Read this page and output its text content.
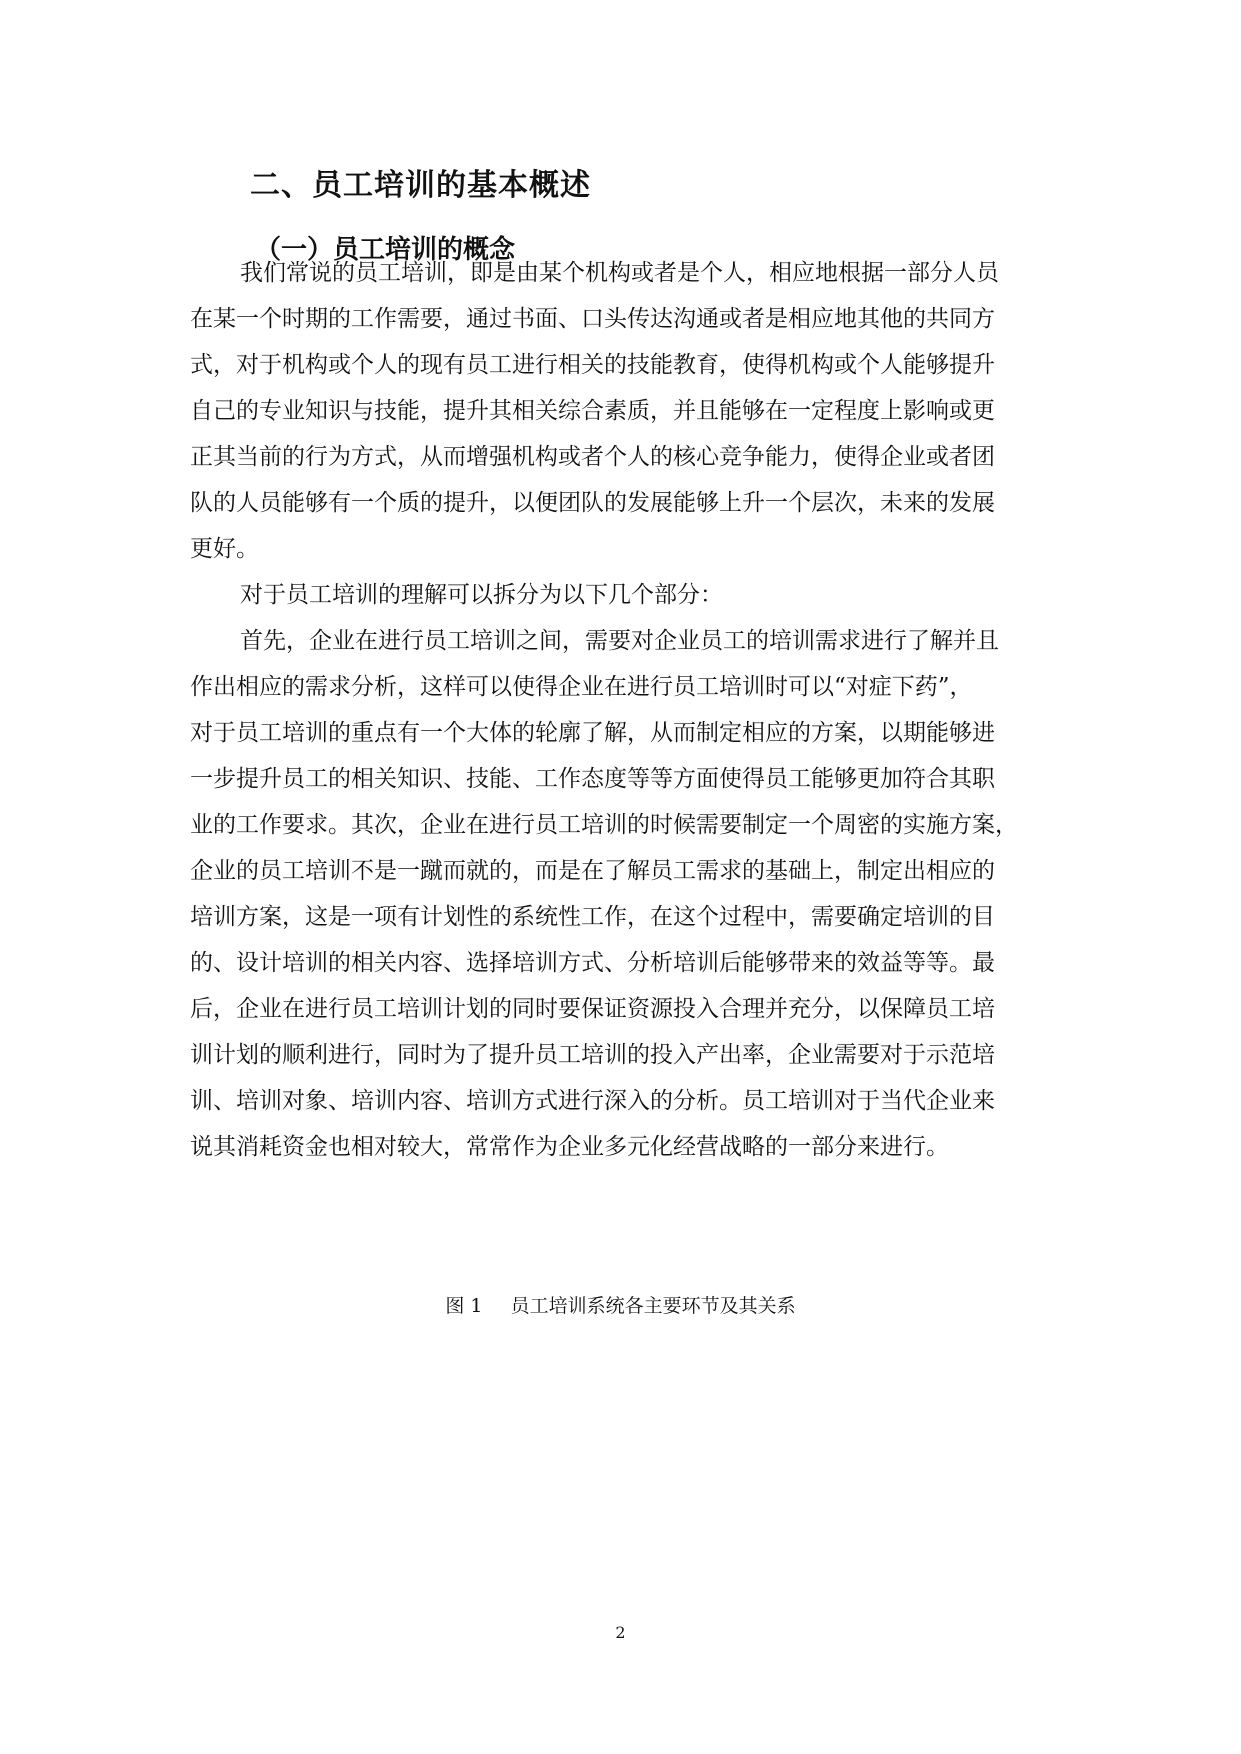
二、员工培训的基本概述
（一）员工培训的概念
我们常说的员工培训，即是由某个机构或者是个人，相应地根据一部分人员
在某一个时期的工作需要，通过书面、口头传达沟通或者是相应地其他的共同方
式，对于机构或个人的现有员工进行相关的技能教育，使得机构或个人能够提升
自己的专业知识与技能，提升其相关综合素质，并且能够在一定程度上影响或更
正其当前的行为方式，从而增强机构或者个人的核心竞争能力，使得企业或者团
队的人员能够有一个质的提升，以便团队的发展能够上升一个层次，未来的发展
更好。
对于员工培训的理解可以拆分为以下几个部分：
首先，企业在进行员工培训之间，需要对企业员工的培训需求进行了解并且
作出相应的需求分析，这样可以使得企业在进行员工培训时可以“对症下药”，
对于员工培训的重点有一个大体的轮廓了解，从而制定相应的方案，以期能够进
一步提升员工的相关知识、技能、工作态度等等方面使得员工能够更加符合其职
业的工作要求。其次，企业在进行员工培训的时候需要制定一个周密的实施方案，
企业的员工培训不是一蹴而就的，而是在了解员工需求的基础上，制定出相应的
培训方案，这是一项有计划性的系统性工作，在这个过程中，需要确定培训的目
的、设计培训的相关内容、选择培训方式、分析培训后能够带来的效益等等。最
后，企业在进行员工培训计划的同时要保证资源投入合理并充分，以保障员工培
训计划的顺利进行，同时为了提升员工培训的投入产出率，企业需要对于示范培
训、培训对象、培训内容、培训方式进行深入的分析。员工培训对于当代企业来
说其消耗资金也相对较大，常常作为企业多元化经营战略的一部分来进行。
图 1 员工培训系统各主要环节及其关系
2
